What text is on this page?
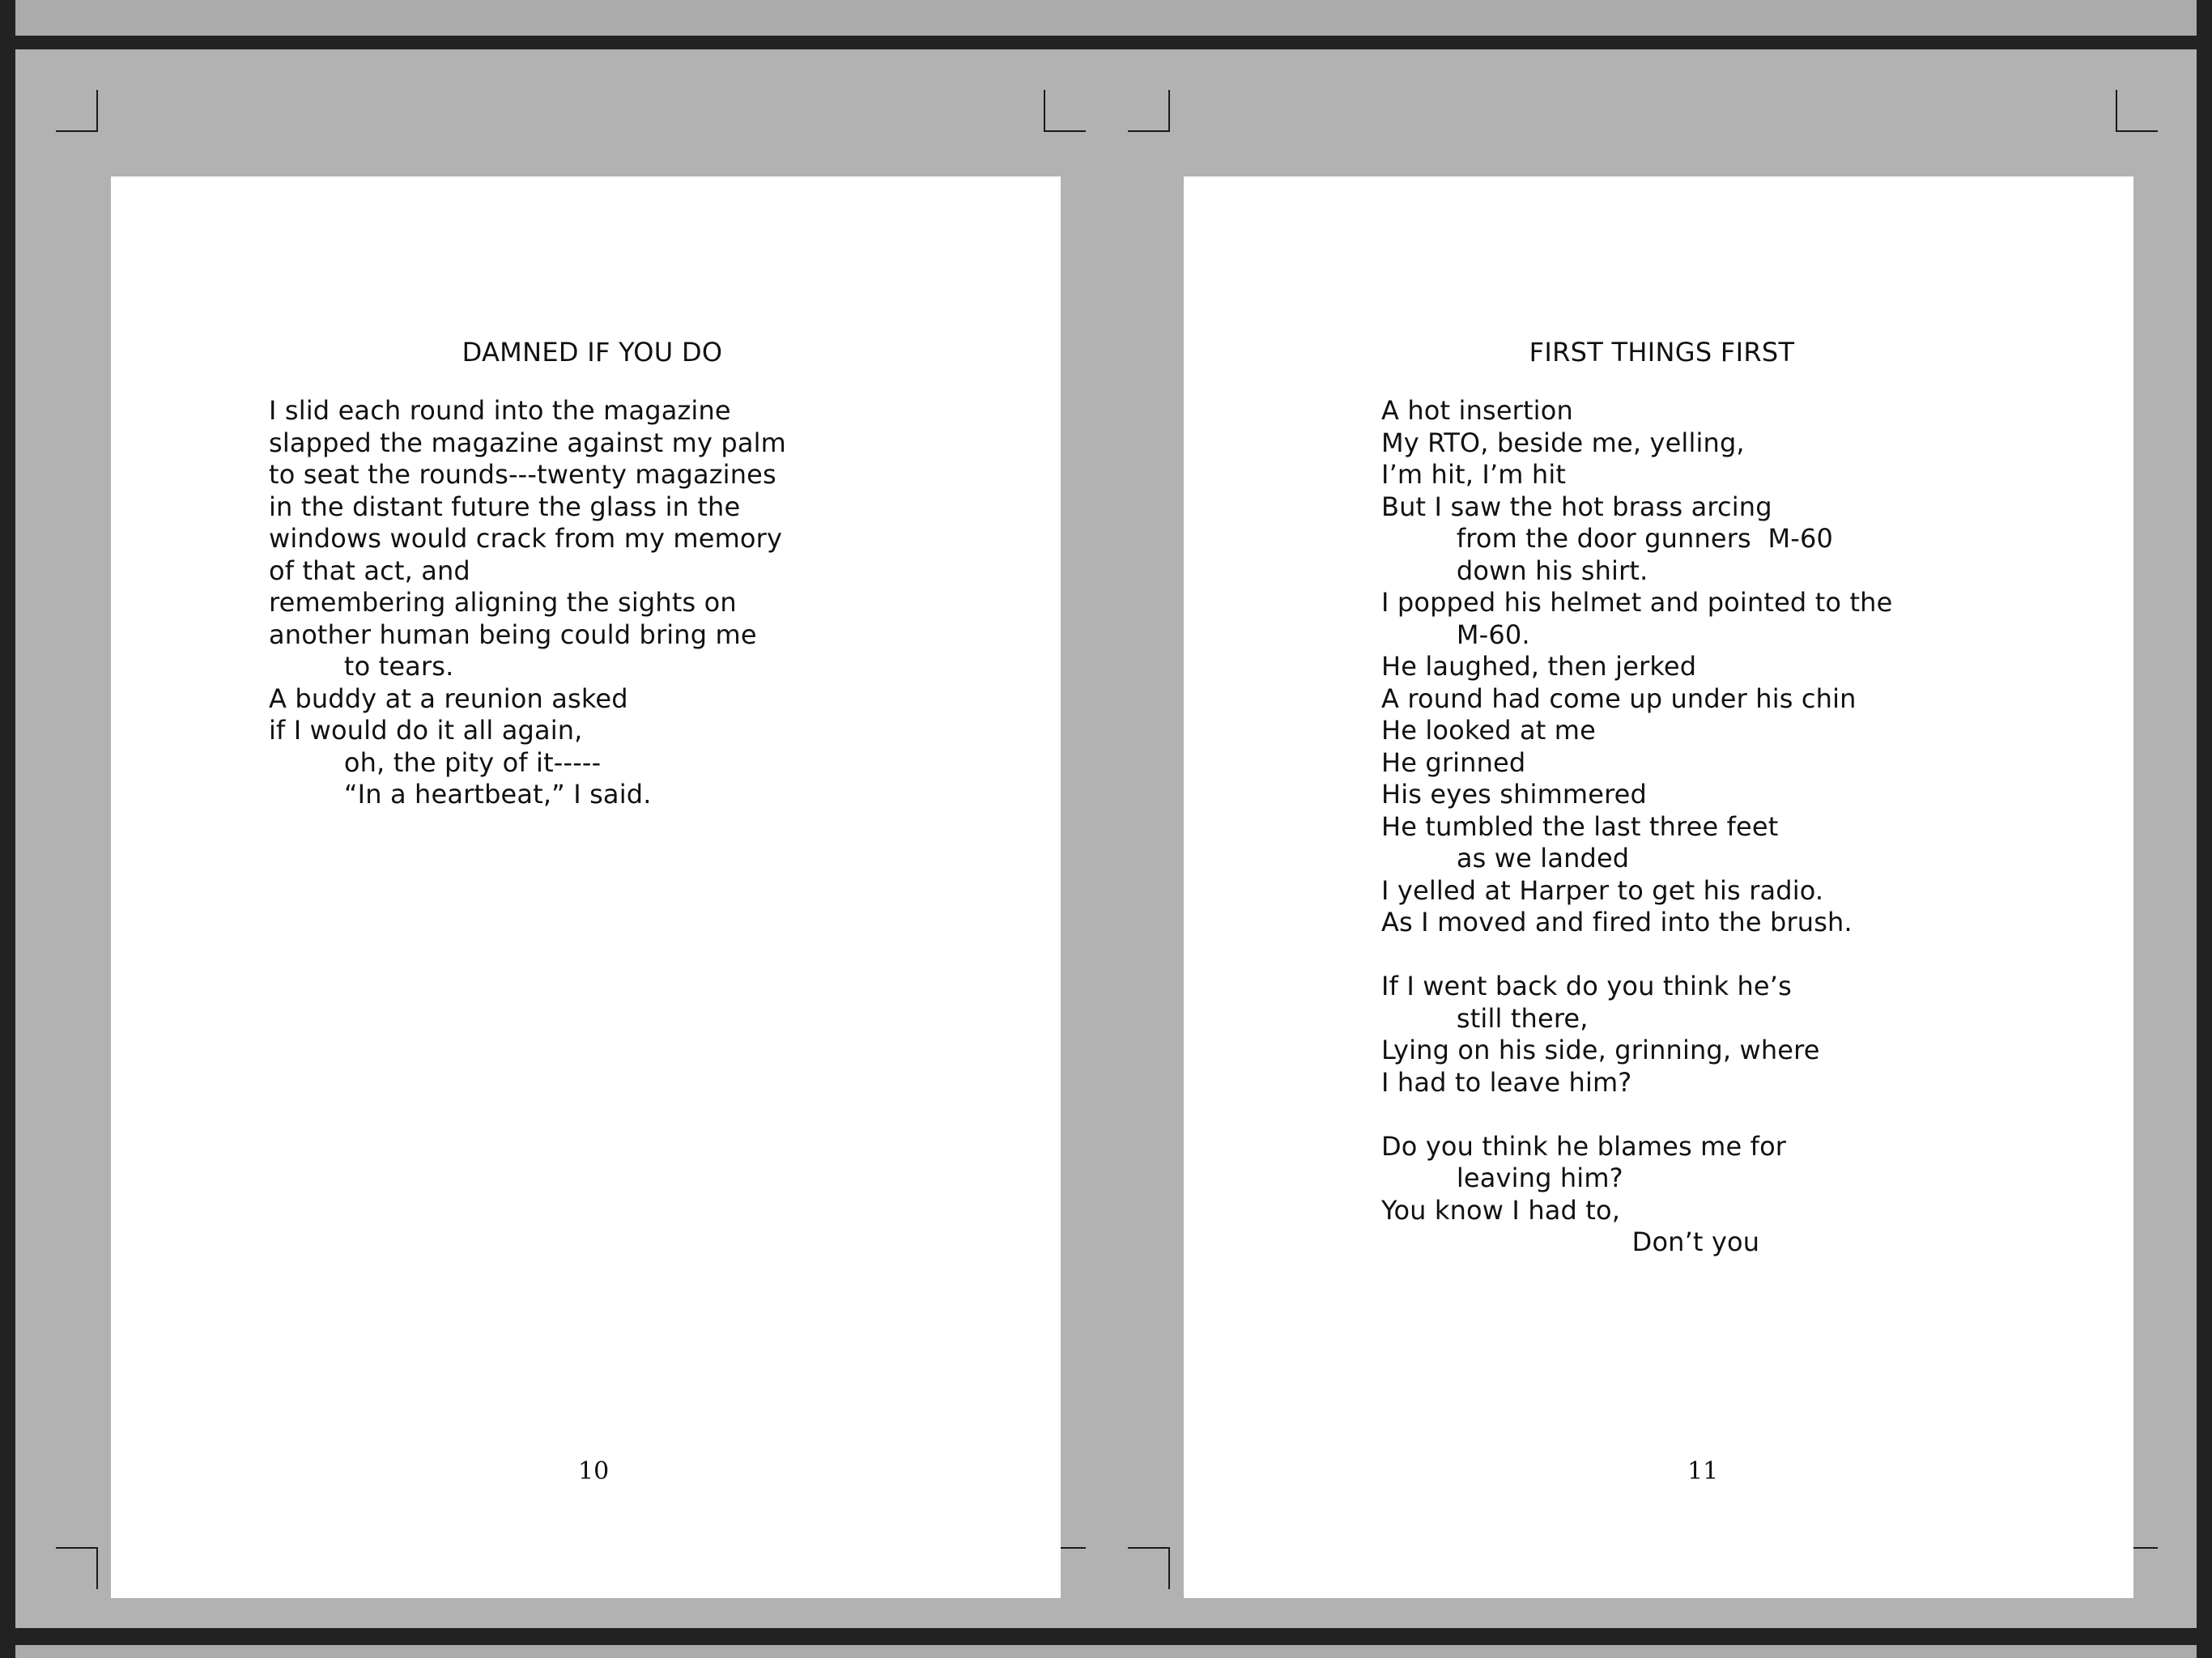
DAMNED IF YOU DO
I slid each round into the magazine
slapped the magazine against my palm
to seat the rounds---twenty magazines
in the distant future the glass in the
windows would crack from my memory
of that act, and
remembering aligning the sights on
another human being could bring me
to tears.
A buddy at a reunion asked
if I would do it all again,
oh, the pity of it-----
“In a heartbeat,” I said.
10
FIRST THINGS FIRST
A hot insertion
My RTO, beside me, yelling,
I’m hit, I’m hit
But I saw the hot brass arcing
from the door gunners  M-60
down his shirt.
I popped his helmet and pointed to the
M-60.
He laughed, then jerked
A round had come up under his chin
He looked at me
He grinned
His eyes shimmered
He tumbled the last three feet
as we landed
I yelled at Harper to get his radio.
As I moved and fired into the brush.
If I went back do you think he’s
still there,
Lying on his side, grinning, where
I had to leave him?
Do you think he blames me for
leaving him?
You know I had to,
Don’t you
11
